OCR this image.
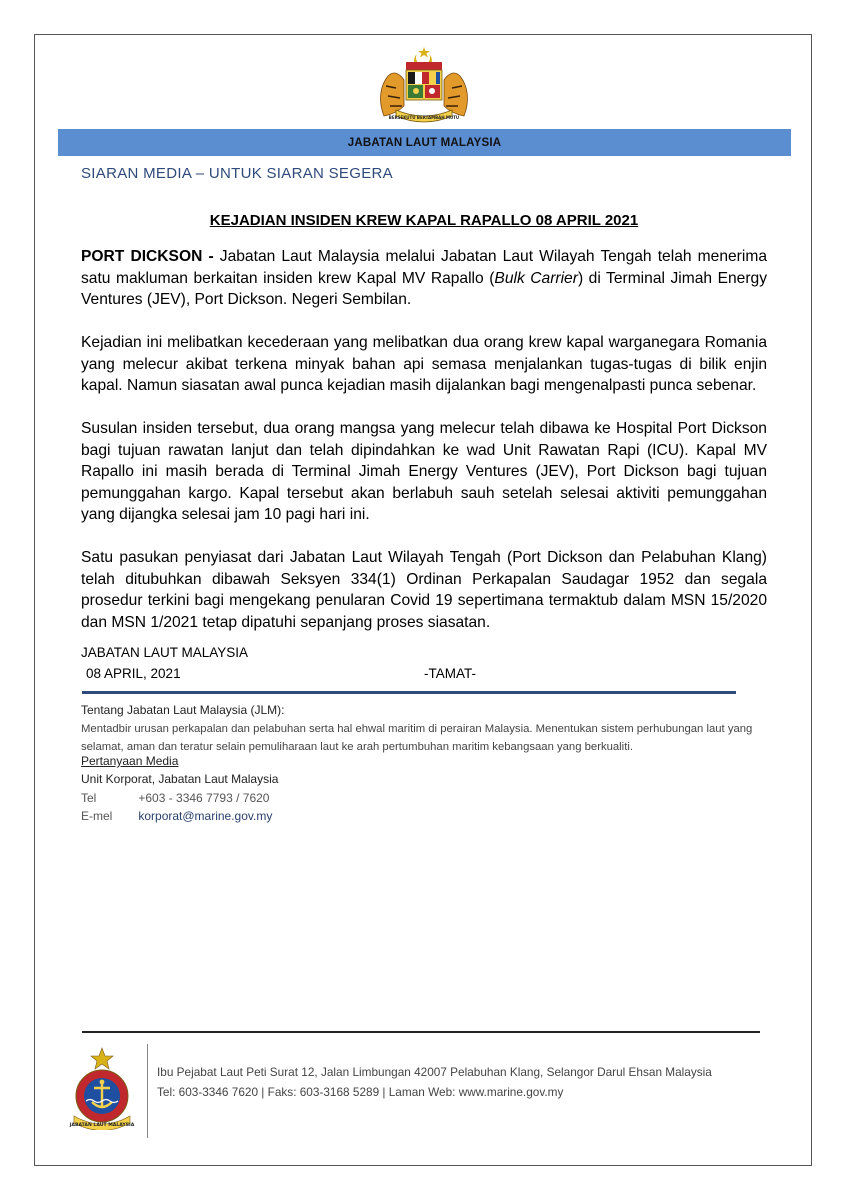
BERSEKUTU BERTAMBAH MUTU
JABATAN LAUT MALAYSIA
SIARAN MEDIA – UNTUK SIARAN SEGERA
KEJADIAN INSIDEN KREW KAPAL RAPALLO 08 APRIL 2021

PORT DICKSON - Jabatan Laut Malaysia melalui Jabatan Laut Wilayah Tengah telah menerima satu makluman berkaitan insiden krew Kapal MV Rapallo (Bulk Carrier) di Terminal Jimah Energy Ventures (JEV), Port Dickson. Negeri Sembilan.

Kejadian ini melibatkan kecederaan yang melibatkan dua orang krew kapal warganegara Romania yang melecur akibat terkena minyak bahan api semasa menjalankan tugas-tugas di bilik enjin kapal. Namun siasatan awal punca kejadian masih dijalankan bagi mengenalpasti punca sebenar.

Susulan insiden tersebut, dua orang mangsa yang melecur telah dibawa ke Hospital Port Dickson bagi tujuan rawatan lanjut dan telah dipindahkan ke wad Unit Rawatan Rapi (ICU). Kapal MV Rapallo ini masih berada di Terminal Jimah Energy Ventures (JEV), Port Dickson bagi tujuan pemunggahan kargo. Kapal tersebut akan berlabuh sauh setelah selesai aktiviti pemunggahan yang dijangka selesai jam 10 pagi hari ini.

Satu pasukan penyiasat dari Jabatan Laut Wilayah Tengah (Port Dickson dan Pelabuhan Klang) telah ditubuhkan dibawah Seksyen 334(1) Ordinan Perkapalan Saudagar 1952 dan segala prosedur terkini bagi mengekang penularan Covid 19 sepertimana termaktub dalam MSN 15/2020 dan MSN 1/2021 tetap dipatuhi sepanjang proses siasatan.

JABATAN LAUT MALAYSIA
08 APRIL, 2021	-TAMAT-
Tentang Jabatan Laut Malaysia (JLM):
Mentadbir urusan perkapalan dan pelabuhan serta hal ehwal maritim di perairan Malaysia. Menentukan sistem perhubungan laut yang selamat, aman dan teratur selain pemuliharaan laut ke arah pertumbuhan maritim kebangsaan yang berkualiti.
Pertanyaan Media
Unit Korporat, Jabatan Laut Malaysia
Tel	+603 - 3346 7793 / 7620
E-mel korporat@marine.gov.my
JABATAN LAUT MALAYSIA
Ibu Pejabat Laut Peti Surat 12, Jalan Limbungan 42007 Pelabuhan Klang, Selangor Darul Ehsan Malaysia
Tel: 603-3346 7620 | Faks: 603-3168 5289 | Laman Web: www.marine.gov.my
